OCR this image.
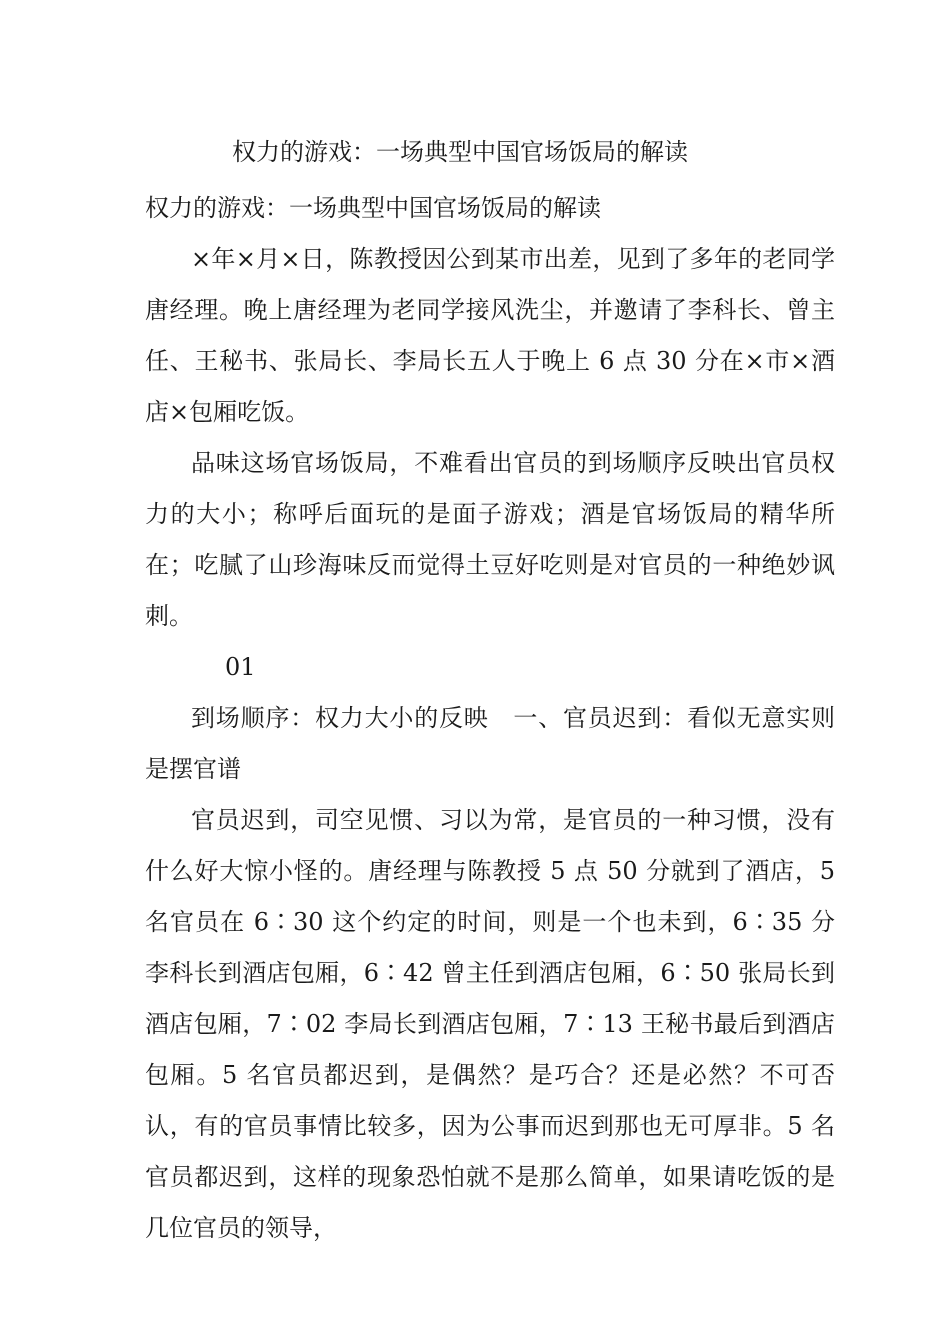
权力的游戏：一场典型中国官场饭局的解读

权力的游戏：一场典型中国官场饭局的解读

×年×月×日，陈教授因公到某市出差，见到了多年的老同学唐经理。晚上唐经理为老同学接风洗尘，并邀请了李科长、曾主任、王秘书、张局长、李局长五人于晚上 6 点 30 分在×市×酒店×包厢吃饭。

品味这场官场饭局，不难看出官员的到场顺序反映出官员权力的大小；称呼后面玩的是面子游戏；酒是官场饭局的精华所在；吃腻了山珍海味反而觉得土豆好吃则是对官员的一种绝妙讽刺。

01

到场顺序：权力大小的反映　一、官员迟到：看似无意实则是摆官谱

官员迟到，司空见惯、习以为常，是官员的一种习惯，没有什么好大惊小怪的。唐经理与陈教授 5 点 50 分就到了酒店，5 名官员在 6∶30 这个约定的时间，则是一个也未到，6∶35 分李科长到酒店包厢，6∶42 曾主任到酒店包厢，6∶50 张局长到酒店包厢，7∶02 李局长到酒店包厢，7∶13 王秘书最后到酒店包厢。5 名官员都迟到，是偶然？是巧合？还是必然？不可否认，有的官员事情比较多，因为公事而迟到那也无可厚非。5 名官员都迟到，这样的现象恐怕就不是那么简单，如果请吃饭的是几位官员的领导，
